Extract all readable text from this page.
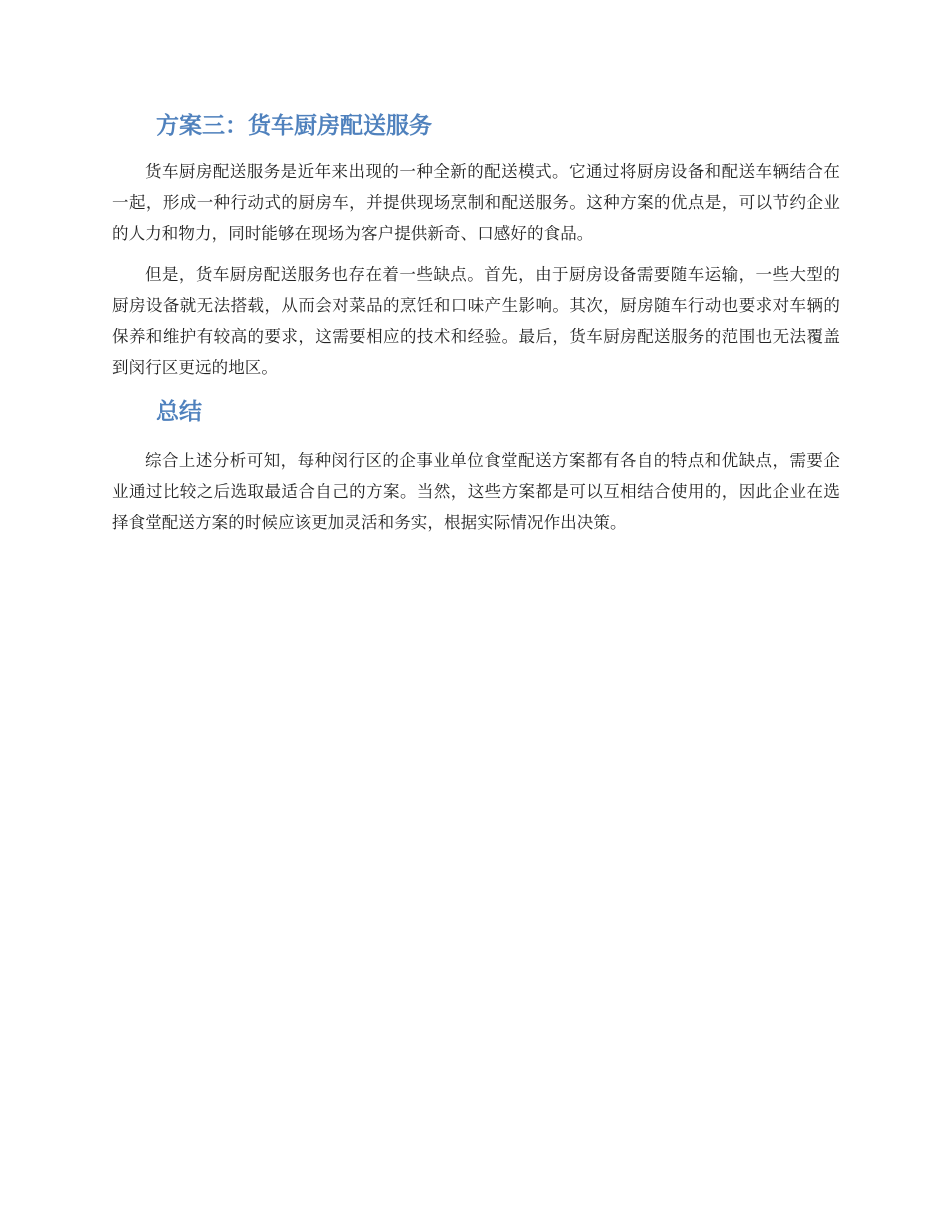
方案三：货车厨房配送服务

货车厨房配送服务是近年来出现的一种全新的配送模式。它通过将厨房设备和配送车辆结合在一起，形成一种行动式的厨房车，并提供现场烹制和配送服务。这种方案的优点是，可以节约企业的人力和物力，同时能够在现场为客户提供新奇、口感好的食品。

但是，货车厨房配送服务也存在着一些缺点。首先，由于厨房设备需要随车运输，一些大型的厨房设备就无法搭载，从而会对菜品的烹饪和口味产生影响。其次，厨房随车行动也要求对车辆的保养和维护有较高的要求，这需要相应的技术和经验。最后，货车厨房配送服务的范围也无法覆盖到闵行区更远的地区。

总结

综合上述分析可知，每种闵行区的企事业单位食堂配送方案都有各自的特点和优缺点，需要企业通过比较之后选取最适合自己的方案。当然，这些方案都是可以互相结合使用的，因此企业在选择食堂配送方案的时候应该更加灵活和务实，根据实际情况作出决策。
